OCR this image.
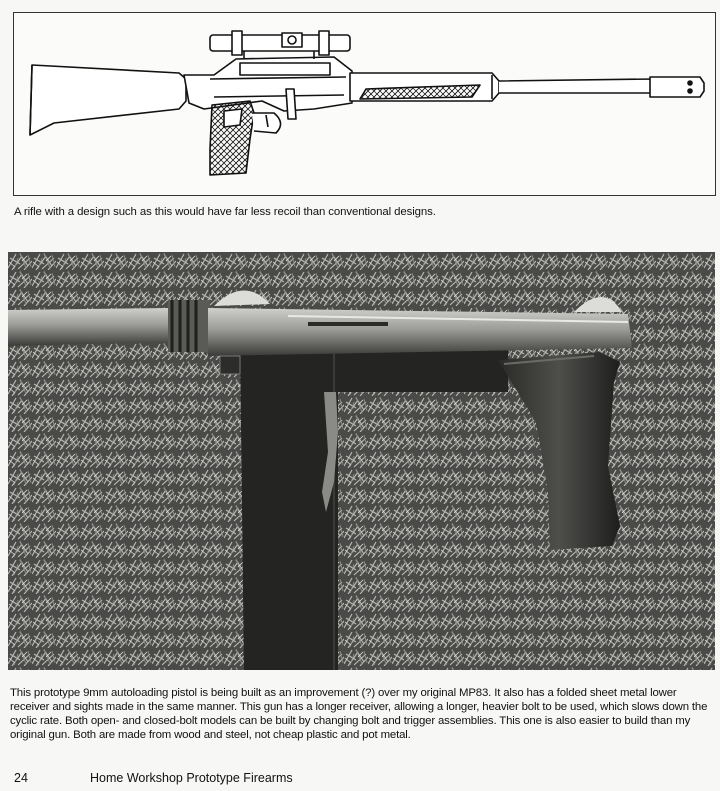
A rifle with a design such as this would have far less recoil than conventional designs.
This prototype 9mm autoloading pistol is being built as an improvement (?) over my original MP83. It also has a folded sheet metal lower receiver and sights made in the same manner. This gun has a longer receiver, allowing a longer, heavier bolt to be used, which slows down the cyclic rate. Both open- and closed-bolt models can be built by changing bolt and trigger assemblies. This one is also easier to build than my original gun. Both are made from wood and steel, not cheap plastic and pot metal.
24	Home Workshop Prototype Firearms
